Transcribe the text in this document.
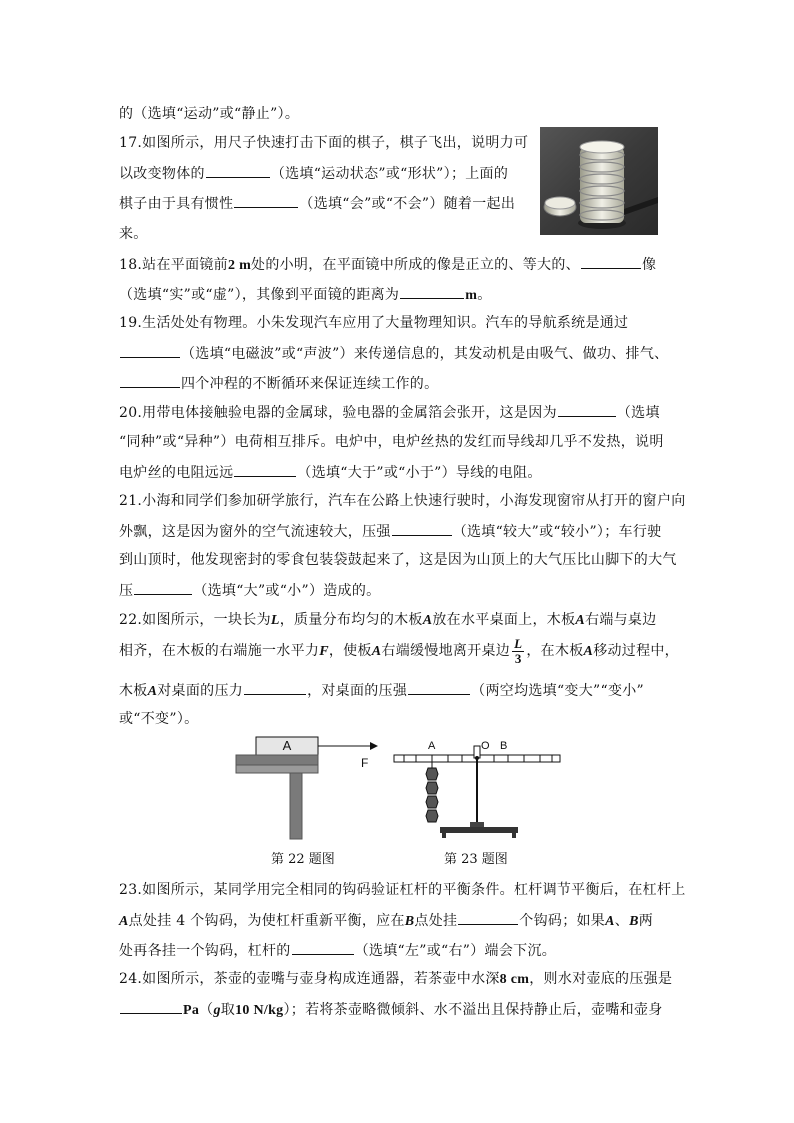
的（选填“运动”或“静止”）。
17.如图所示，用尺子快速打击下面的棋子，棋子飞出，说明力可
以改变物体的	（选填“运动状态”或“形状”）；上面的
棋子由于具有惯性	（选填“会”或“不会”）随着一起出
来。
18.站在平面镜前2 m处的小明，在平面镜中所成的像是正立的、等大的、	像
（选填“实”或“虚”），其像到平面镜的距离为	m。
19.生活处处有物理。小朱发现汽车应用了大量物理知识。汽车的导航系统是通过
（选填“电磁波”或“声波”）来传递信息的，其发动机是由吸气、做功、排气、
四个冲程的不断循环来保证连续工作的。
20.用带电体接触验电器的金属球，验电器的金属箔会张开，这是因为	（选填
“同种”或“异种”）电荷相互排斥。电炉中，电炉丝热的发红而导线却几乎不发热，说明
电炉丝的电阻远远	（选填“大于”或“小于”）导线的电阻。
21.小海和同学们参加研学旅行，汽车在公路上快速行驶时，小海发现窗帘从打开的窗户向
外飘，这是因为窗外的空气流速较大，压强	（选填“较大”或“较小”）；车行驶
到山顶时，他发现密封的零食包装袋鼓起来了，这是因为山顶上的大气压比山脚下的大气
压	（选填“大”或“小”）造成的。
22.如图所示，一块长为L，质量分布均匀的木板A放在水平桌面上，木板A右端与桌边
相齐，在木板的右端施一水平力F，使板A右端缓慢地离开桌边 $\frac{L}{3}$ ，在木板A移动过程中，
木板A对桌面的压力	，对桌面的压强	（两空均选填“变大”“变小”
或“不变”）。
A
F
第 22 题图
A	O B
第 23 题图
23.如图所示，某同学用完全相同的钩码验证杠杆的平衡条件。杠杆调节平衡后，在杠杆上
A点处挂 4 个钩码，为使杠杆重新平衡，应在B点处挂	个钩码；如果A、B两
处再各挂一个钩码，杠杆的	（选填“左”或“右”）端会下沉。
24.如图所示，茶壶的壶嘴与壶身构成连通器，若茶壶中水深8 cm，则水对壶底的压强是
Pa（g取10 N/kg）；若将茶壶略微倾斜、水不溢出且保持静止后，壶嘴和壶身
